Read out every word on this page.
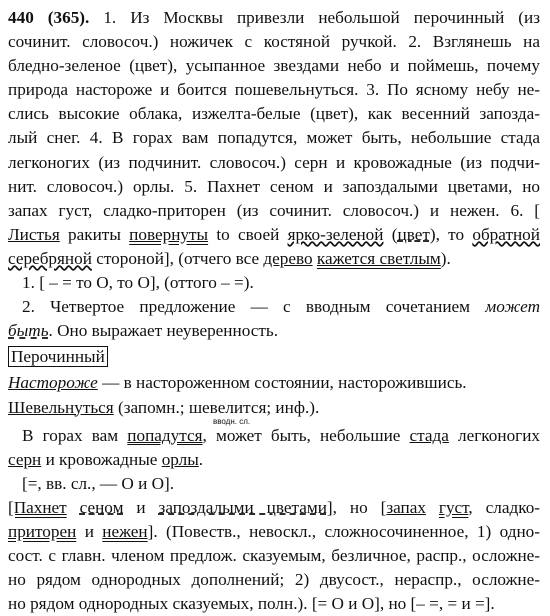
440 (365). 1. Из Москвы привезли небольшой перочинный (из
сочинит. словосоч.) ножичек с костяной ручкой. 2. Взглянешь на
бледно-зеленое (цвет), усыпанное звездами небо и поймешь, почему
природа настороже и боится пошевельнуться. 3. По ясному небу не-
слись высокие облака, изжелта-белые (цвет), как весенний запозда-
лый снег. 4. В горах вам попадутся, может быть, небольшие стада
легконогих (из подчинит. словосоч.) серн и кровожадные (из подчи-
нит. словосоч.) орлы. 5. Пахнет сеном и запоздалыми цветами, но
запах густ, сладко-приторен (из сочинит. словосоч.) и нежен. 6. [
Листья ракиты повернуты to своей ярко-зеленой (цвет), то обратной
серебряной стороной], (отчего все дерево кажется светлым).
1. [ – = то О, то О], (оттого – =).
2. Четвертое предложение — с вводным сочетанием может
быть. Оно выражает неуверенность.
Перочинный
Настороже — в настороженном состоянии, насторожившись.
Шевельнуться (запомн.; шевелится; инф.).
вводн. сл.
В горах вам попадутся, может быть, небольшие стада легконогих
серн и кровожадные орлы.
[=, вв. сл., — О и О].
[Пахнет сеном и запоздалыми цветами], но [запах густ, сладко-
приторен и нежен]. (Повеств., невоскл., сложносочиненное, 1) одно-
сост. с главн. членом предлож. сказуемым, безличное, распр., осложне-
но рядом однородных дополнений; 2) двусост., нераспр., осложне-
но рядом однородных сказуемых, полн.). [= О и О], но [– =, = и =].
